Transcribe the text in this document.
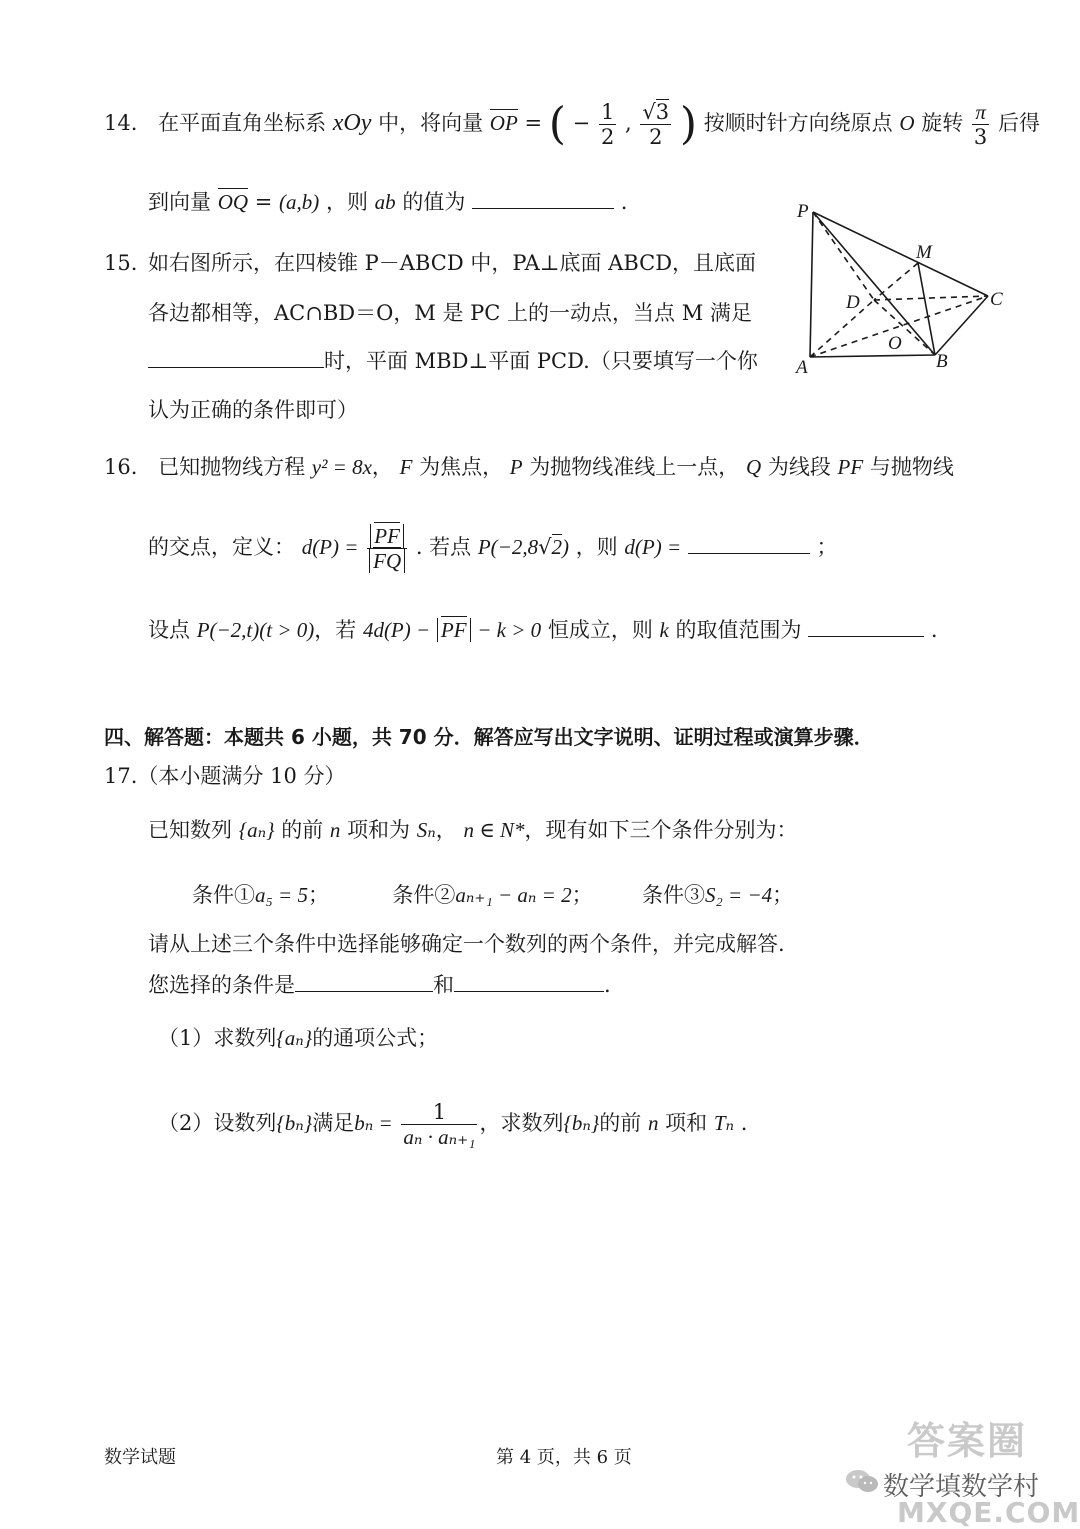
14. 在平面直角坐标系 xOy 中，将向量 OP = ( − $\frac{1}{2}$ , $\frac{√3}{2}$ ) 按顺时针方向绕原点 O 旋转 $\frac{\pi}{3}$ 后得
到向量 OQ = (a,b) ，则 ab 的值为	.
15. 如右图所示，在四棱锥 P－ABCD 中，PA⊥底面 ABCD，且底面
各边都相等，AC∩BD＝O，M 是 PC 上的一动点，当点 M 满足
时，平面 MBD⊥平面 PCD.（只要填写一个你
认为正确的条件即可）
P
M
D	C
O
A	B
16. 已知抛物线方程 y² = 8x， F 为焦点， P 为抛物线准线上一点， Q 为线段 PF 与抛物线
的交点，定义： $d(P) = \frac{PF}{FQ}$ . 若点 P(−2,8√2) ，则 d(P) =	；
设点 P(−2,t)(t > 0)，若 4d(P) − PF − k > 0 恒成立，则 k 的取值范围为	.
四、解答题：本题共 6 小题，共 70 分．解答应写出文字说明、证明过程或演算步骤．
17.（本小题满分 10 分）
已知数列 {aₙ} 的前 n 项和为 Sₙ， n ∈ N*，现有如下三个条件分别为：
条件①a₅ = 5；	条件②aₙ₊₁ − aₙ = 2； 条件③S₂ = −4；
请从上述三个条件中选择能够确定一个数列的两个条件，并完成解答.
您选择的条件是	和	.
（1）求数列{aₙ}的通项公式；
（2）设数列{bₙ}满足$b_n = \frac{1}{\text{aₙ · aₙ₊₁}}$ ，求数列{bₙ}的前 n 项和 Tₙ .
数学试题	第 4 页，共 6 页	答案圈
数学填数学村
MXQE.COM
